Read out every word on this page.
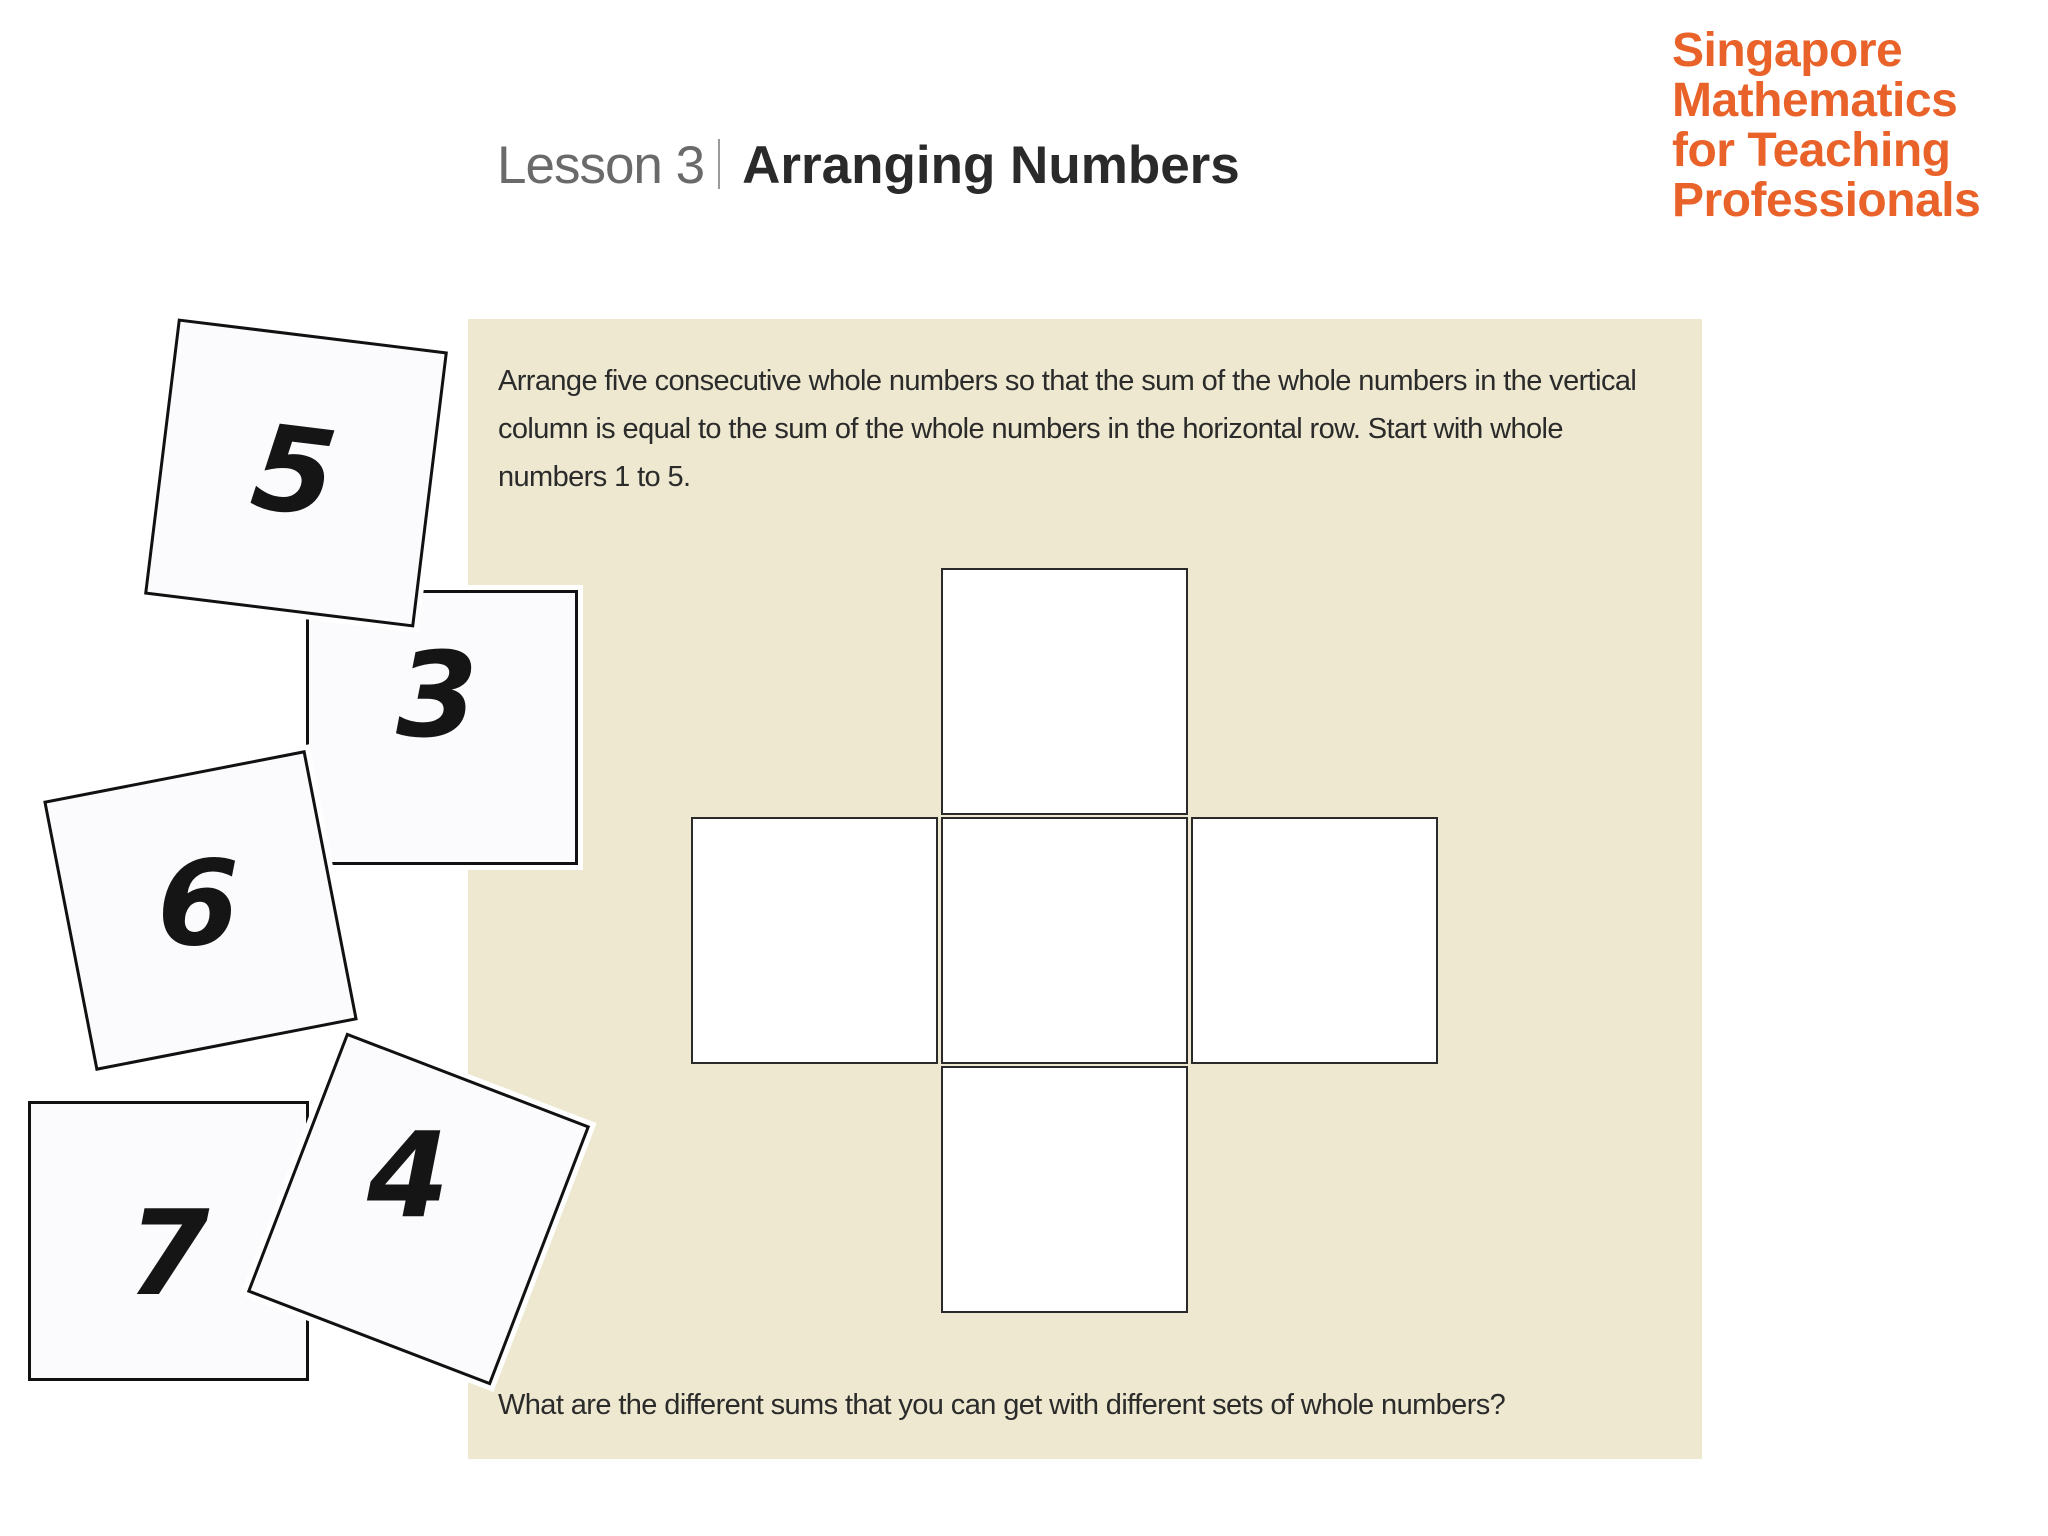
Lesson 3 Arranging Numbers
Singapore
Mathematics
for Teaching
Professionals
Arrange five consecutive whole numbers so that the sum of the whole numbers in the vertical column is equal to the sum of the whole numbers in the horizontal row. Start with whole numbers 1 to 5.
What are the different sums that you can get with different sets of whole numbers?
7
3
5
6
4
